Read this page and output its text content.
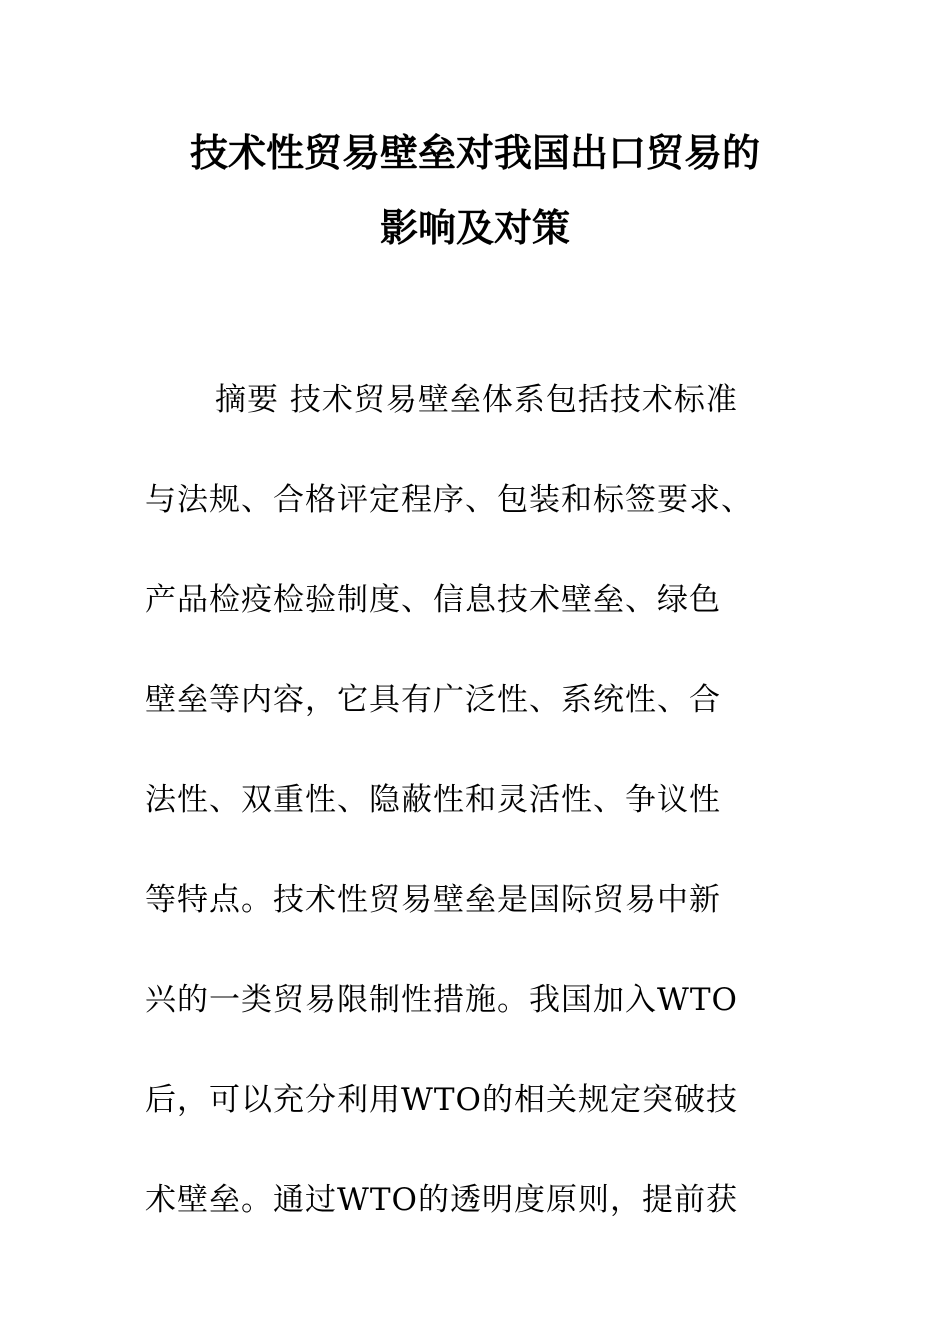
技术性贸易壁垒对我国出口贸易的
影响及对策
摘要 技术贸易壁垒体系包括技术标准
与法规、合格评定程序、包装和标签要求、
产品检疫检验制度、信息技术壁垒、绿色
壁垒等内容，它具有广泛性、系统性、合
法性、双重性、隐蔽性和灵活性、争议性
等特点。技术性贸易壁垒是国际贸易中新
兴的一类贸易限制性措施。我国加入WTO
后，可以充分利用WTO的相关规定突破技
术壁垒。通过WTO的透明度原则，提前获
